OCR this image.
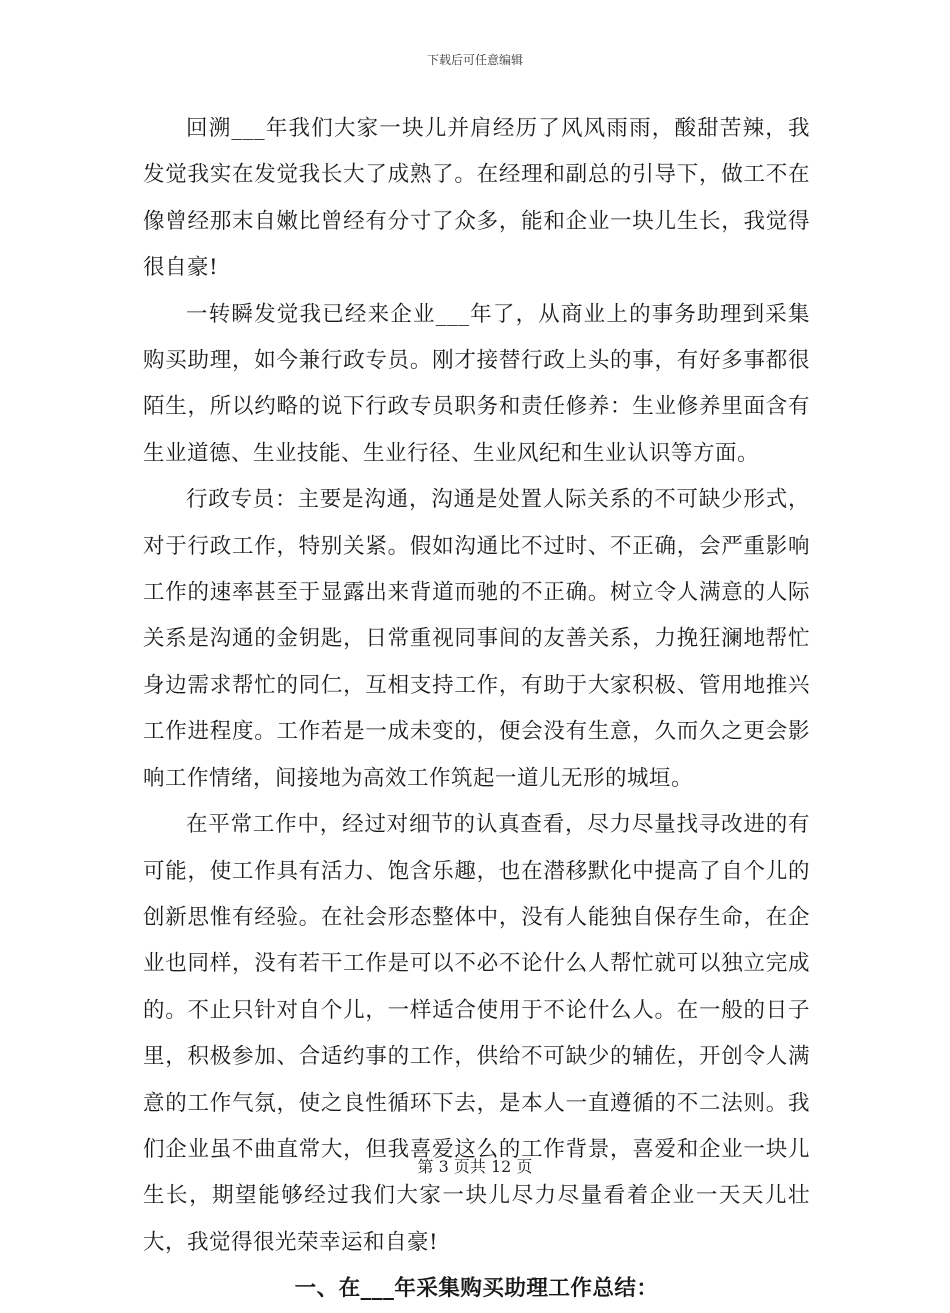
下载后可任意编辑

回溯___年我们大家一块儿并肩经历了风风雨雨，酸甜苦辣，我发觉我实在发觉我长大了成熟了。在经理和副总的引导下，做工不在像曾经那末自嫩比曾经有分寸了众多，能和企业一块儿生长，我觉得很自豪!

一转瞬发觉我已经来企业___年了，从商业上的事务助理到采集购买助理，如今兼行政专员。刚才接替行政上头的事，有好多事都很陌生，所以约略的说下行政专员职务和责任修养：生业修养里面含有生业道德、生业技能、生业行径、生业风纪和生业认识等方面。

行政专员：主要是沟通，沟通是处置人际关系的不可缺少形式，对于行政工作，特别关紧。假如沟通比不过时、不正确，会严重影响工作的速率甚至于显露出来背道而驰的不正确。树立令人满意的人际关系是沟通的金钥匙，日常重视同事间的友善关系，力挽狂澜地帮忙身边需求帮忙的同仁，互相支持工作，有助于大家积极、管用地推兴工作进程度。工作若是一成未变的，便会没有生意，久而久之更会影响工作情绪，间接地为高效工作筑起一道儿无形的城垣。

在平常工作中，经过对细节的认真查看，尽力尽量找寻改进的有可能，使工作具有活力、饱含乐趣，也在潜移默化中提高了自个儿的创新思惟有经验。在社会形态整体中，没有人能独自保存生命，在企业也同样，没有若干工作是可以不必不论什么人帮忙就可以独立完成的。不止只针对自个儿，一样适合使用于不论什么人。在一般的日子里，积极参加、合适约事的工作，供给不可缺少的辅佐，开创令人满意的工作气氛，使之良性循环下去，是本人一直遵循的不二法则。我们企业虽不曲直常大，但我喜爱这么的工作背景，喜爱和企业一块儿生长，期望能够经过我们大家一块儿尽力尽量看着企业一天天儿壮大，我觉得很光荣幸运和自豪!

一、在___年采集购买助理工作总结：

第 3 页共 12 页
